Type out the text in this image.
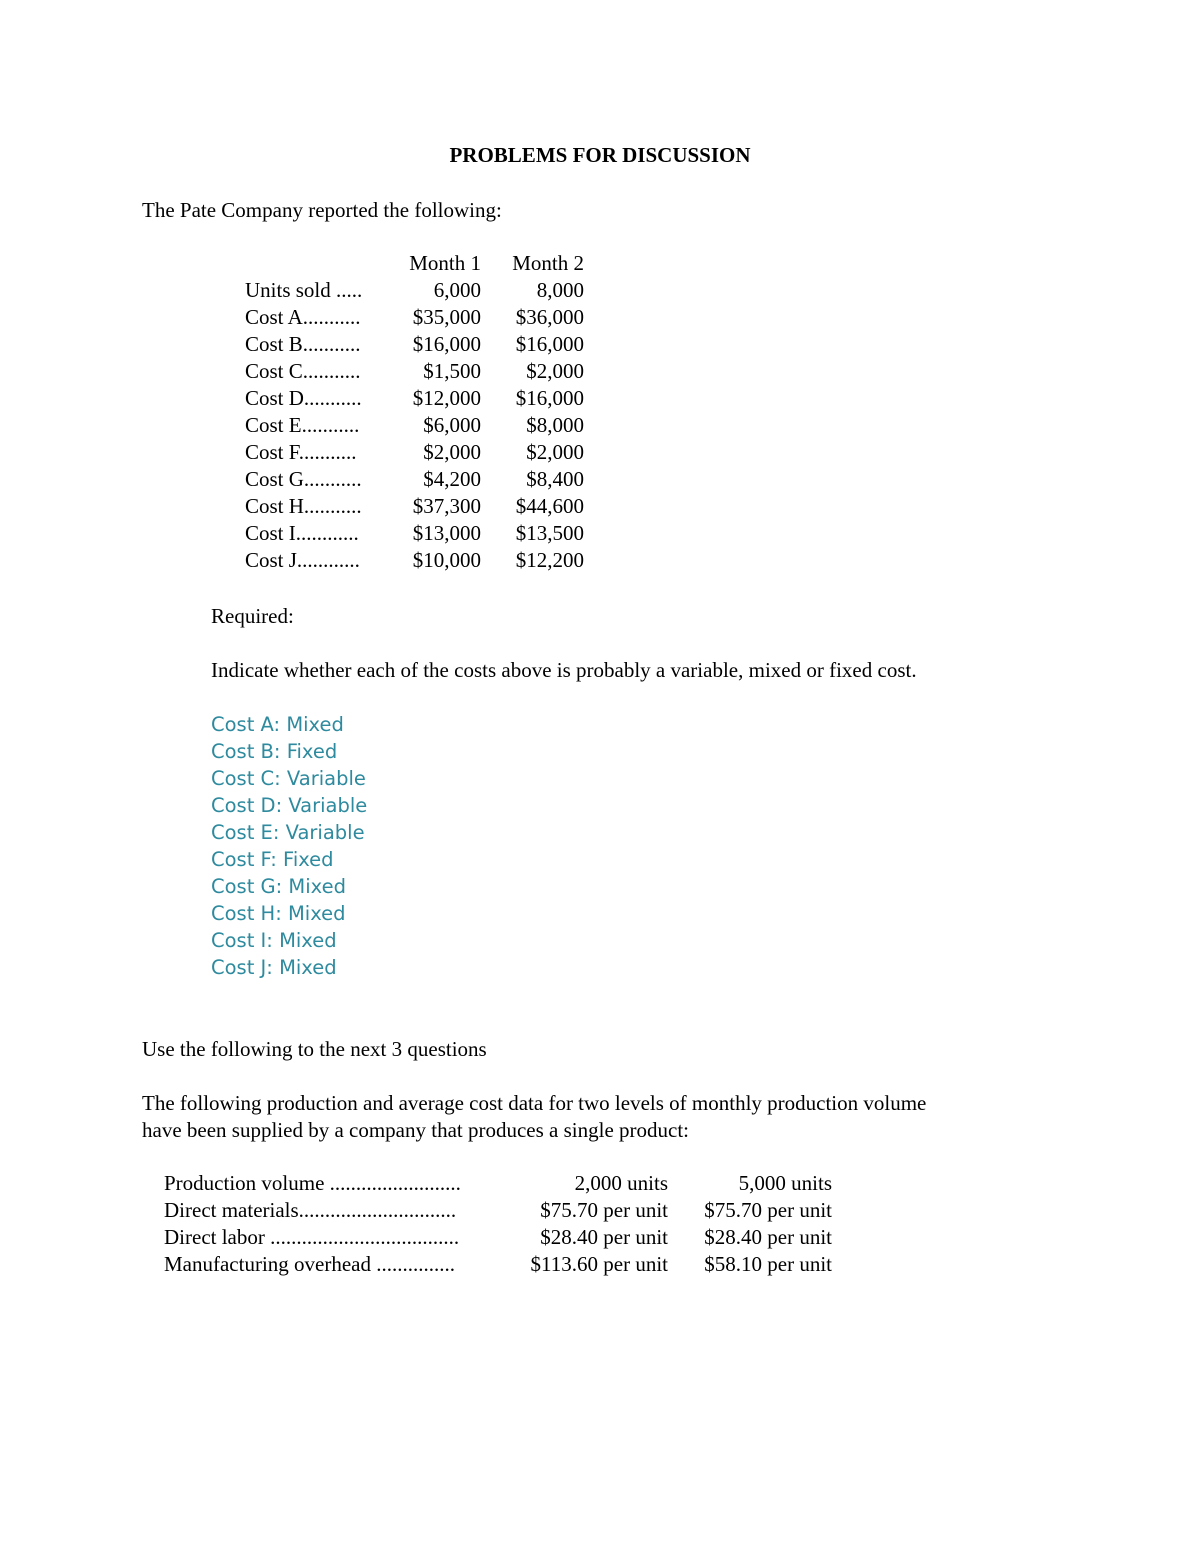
PROBLEMS FOR DISCUSSION
The Pate Company reported the following:
	Month 1	Month 2
Units sold .....	6,000	8,000
Cost A...........	$35,000	$36,000
Cost B...........	$16,000	$16,000
Cost C...........	$1,500	$2,000
Cost D...........	$12,000	$16,000
Cost E...........	$6,000	$8,000
Cost F...........	$2,000	$2,000
Cost G...........	$4,200	$8,400
Cost H...........	$37,300	$44,600
Cost I............	$13,000	$13,500
Cost J............	$10,000	$12,200
Required:
Indicate whether each of the costs above is probably a variable, mixed or fixed cost.
Cost A: Mixed
Cost B: Fixed
Cost C: Variable
Cost D: Variable
Cost E: Variable
Cost F: Fixed
Cost G: Mixed
Cost H: Mixed
Cost I: Mixed
Cost J: Mixed
Use the following to the next 3 questions
The following production and average cost data for two levels of monthly production volume
have been supplied by a company that produces a single product:
Production volume .........................	2,000 units	5,000 units
Direct materials..............................	$75.70 per unit	$75.70 per unit
Direct labor ....................................	$28.40 per unit	$28.40 per unit
Manufacturing overhead ...............	$113.60 per unit	$58.10 per unit
